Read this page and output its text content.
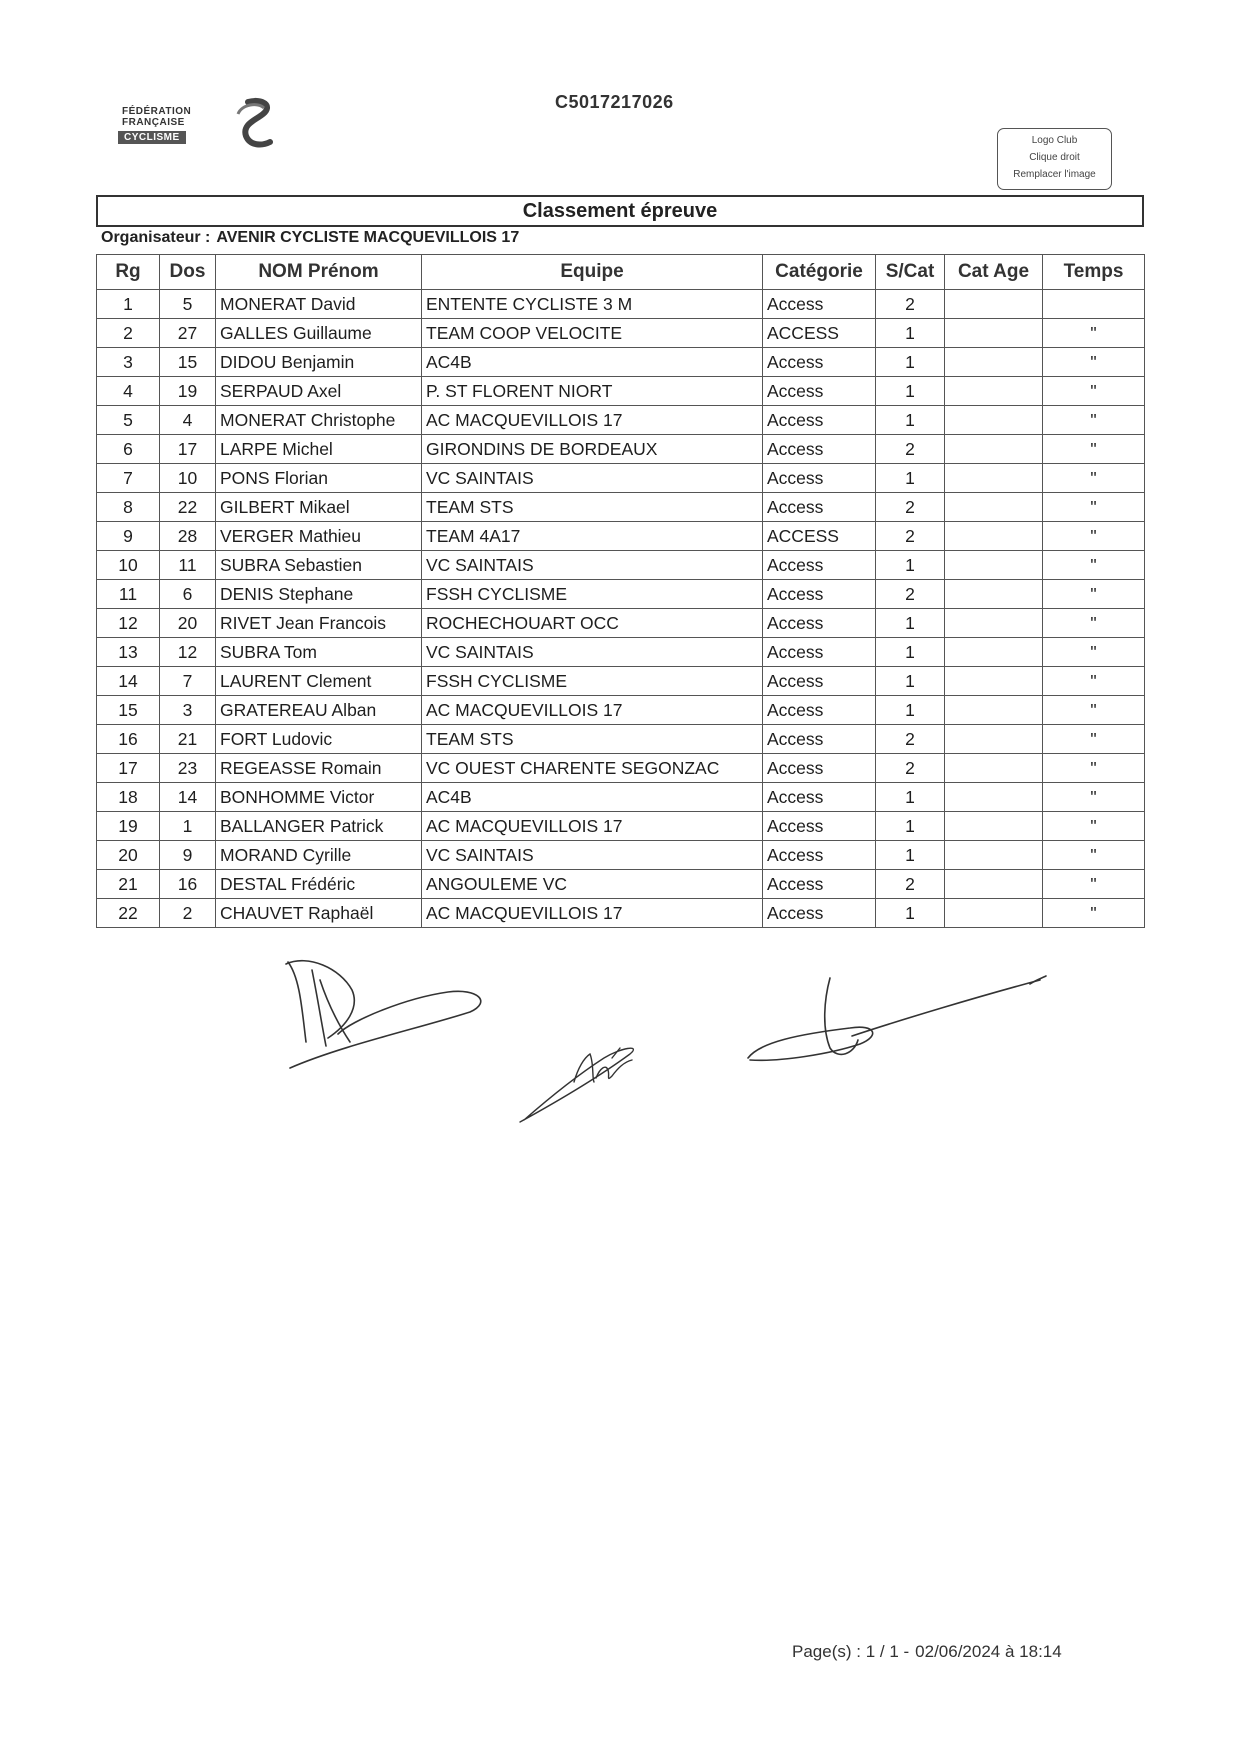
FÉDÉRATION
FRANÇAISE
CYCLISME
C5017217026
Logo Club
Clique droit
Remplacer l'image
Classement épreuve
Organisateur : AVENIR CYCLISTE MACQUEVILLOIS 17
Rg	Dos	NOM Prénom	Equipe	Catégorie	S/Cat	Cat Age	Temps
1	5	MONERAT David	ENTENTE CYCLISTE 3 M	Access	2		
2	27	GALLES Guillaume	TEAM COOP VELOCITE	ACCESS	1		"
3	15	DIDOU Benjamin	AC4B	Access	1		"
4	19	SERPAUD Axel	P. ST FLORENT NIORT	Access	1		"
5	4	MONERAT Christophe	AC MACQUEVILLOIS 17	Access	1		"
6	17	LARPE Michel	GIRONDINS DE BORDEAUX	Access	2		"
7	10	PONS Florian	VC SAINTAIS	Access	1		"
8	22	GILBERT Mikael	TEAM STS	Access	2		"
9	28	VERGER Mathieu	TEAM 4A17	ACCESS	2		"
10	11	SUBRA Sebastien	VC SAINTAIS	Access	1		"
11	6	DENIS Stephane	FSSH CYCLISME	Access	2		"
12	20	RIVET Jean Francois	ROCHECHOUART OCC	Access	1		"
13	12	SUBRA Tom	VC SAINTAIS	Access	1		"
14	7	LAURENT Clement	FSSH CYCLISME	Access	1		"
15	3	GRATEREAU Alban	AC MACQUEVILLOIS 17	Access	1		"
16	21	FORT Ludovic	TEAM STS	Access	2		"
17	23	REGEASSE Romain	VC OUEST CHARENTE SEGONZAC	Access	2		"
18	14	BONHOMME Victor	AC4B	Access	1		"
19	1	BALLANGER Patrick	AC MACQUEVILLOIS 17	Access	1		"
20	9	MORAND Cyrille	VC SAINTAIS	Access	1		"
21	16	DESTAL Frédéric	ANGOULEME VC	Access	2		"
22	2	CHAUVET Raphaël	AC MACQUEVILLOIS 17	Access	1		"
Page(s) : 1 / 1 - 02/06/2024 à 18:14
